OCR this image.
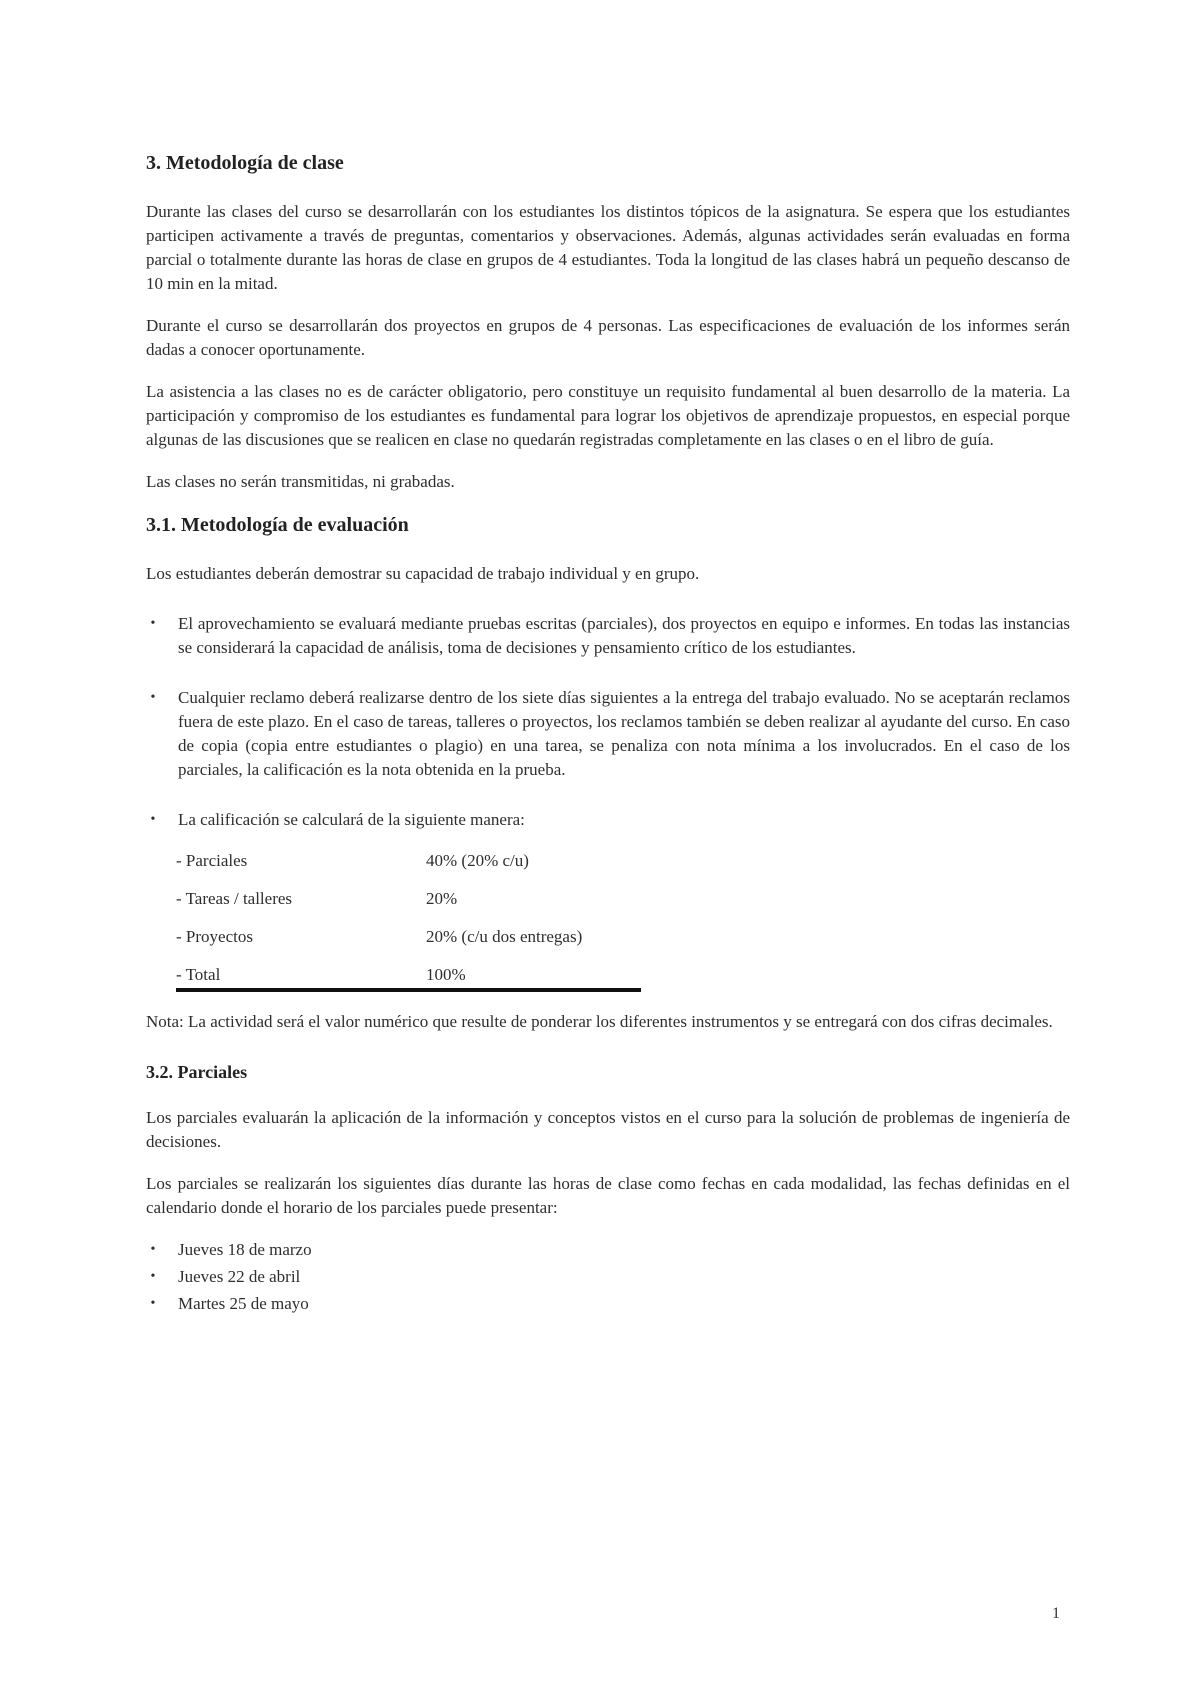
3. Metodología de clase

Durante las clases del curso se desarrollarán con los estudiantes los distintos tópicos de la asignatura. Se espera que los estudiantes participen activamente a través de preguntas, comentarios y observaciones. Además, algunas actividades serán evaluadas en forma parcial o totalmente durante las horas de clase en grupos de 4 estudiantes. Toda la longitud de las clases habrá un pequeño descanso de 10 min en la mitad.

Durante el curso se desarrollarán dos proyectos en grupos de 4 personas. Las especificaciones de evaluación de los informes serán dadas a conocer oportunamente.

La asistencia a las clases no es de carácter obligatorio, pero constituye un requisito fundamental al buen desarrollo de la materia. La participación y compromiso de los estudiantes es fundamental para lograr los objetivos de aprendizaje propuestos, en especial porque algunas de las discusiones que se realicen en clase no quedarán registradas completamente en las clases o en el libro de guía.

Las clases no serán transmitidas, ni grabadas.

3.1. Metodología de evaluación

Los estudiantes deberán demostrar su capacidad de trabajo individual y en grupo.

• El aprovechamiento se evaluará mediante pruebas escritas (parciales), dos proyectos en equipo e informes. En todas las instancias se considerará la capacidad de análisis, toma de decisiones y pensamiento crítico de los estudiantes.
• Cualquier reclamo deberá realizarse dentro de los siete días siguientes a la entrega del trabajo evaluado. No se aceptarán reclamos fuera de este plazo. En el caso de tareas, talleres o proyectos, los reclamos también se deben realizar al ayudante del curso. En caso de copia (copia entre estudiantes o plagio) en una tarea, se penaliza con nota mínima a los involucrados. En el caso de los parciales, la calificación es la nota obtenida en la prueba.
• La calificación se calculará de la siguiente manera:
- Parciales	40% (20% c/u)
- Tareas / talleres	20%
- Proyectos	20% (c/u dos entregas)
- Total	100%

Nota: La actividad será el valor numérico que resulte de ponderar los diferentes instrumentos y se entregará con dos cifras decimales.

3.2. Parciales

Los parciales evaluarán la aplicación de la información y conceptos vistos en el curso para la solución de problemas de ingeniería de decisiones.

Los parciales se realizarán los siguientes días durante las horas de clase como fechas en cada modalidad, las fechas definidas en el calendario donde el horario de los parciales puede presentar:

• Jueves 18 de marzo
• Jueves 22 de abril
• Martes 25 de mayo
1
